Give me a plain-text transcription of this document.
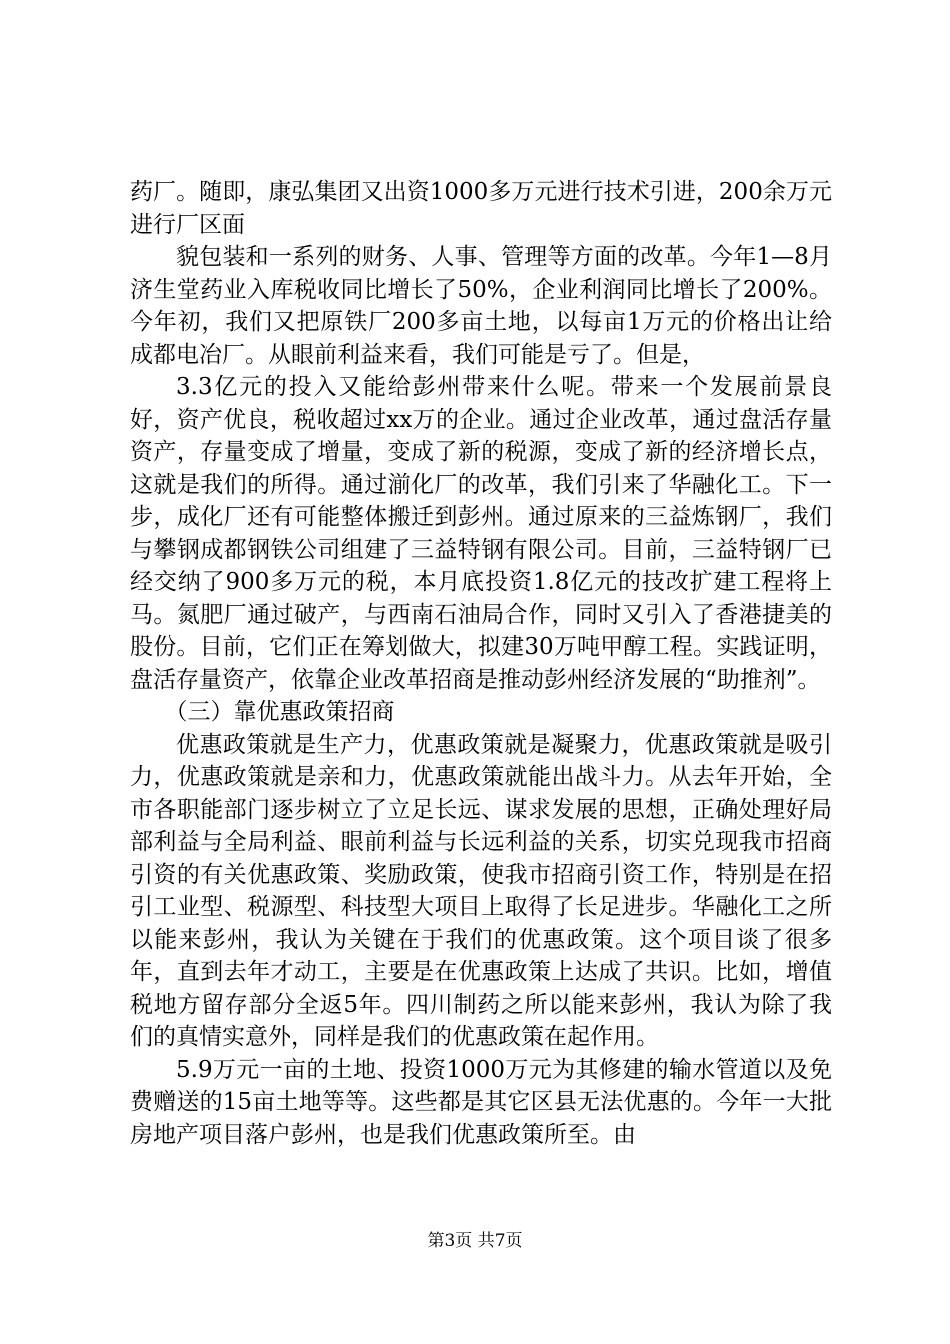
药厂。随即，康弘集团又出资1000多万元进行技术引进，200余万元进行厂区面

貌包装和一系列的财务、人事、管理等方面的改革。今年1—8月济生堂药业入库税收同比增长了50%，企业利润同比增长了200%。今年初，我们又把原铁厂200多亩土地，以每亩1万元的价格出让给成都电冶厂。从眼前利益来看，我们可能是亏了。但是，

3.3亿元的投入又能给彭州带来什么呢。带来一个发展前景良好，资产优良，税收超过xx万的企业。通过企业改革，通过盘活存量资产，存量变成了增量，变成了新的税源，变成了新的经济增长点，这就是我们的所得。通过湔化厂的改革，我们引来了华融化工。下一步，成化厂还有可能整体搬迁到彭州。通过原来的三益炼钢厂，我们与攀钢成都钢铁公司组建了三益特钢有限公司。目前，三益特钢厂已经交纳了900多万元的税，本月底投资1.8亿元的技改扩建工程将上马。氮肥厂通过破产，与西南石油局合作，同时又引入了香港捷美的股份。目前，它们正在筹划做大，拟建30万吨甲醇工程。实践证明，盘活存量资产，依靠企业改革招商是推动彭州经济发展的“助推剂”。

（三）靠优惠政策招商

优惠政策就是生产力，优惠政策就是凝聚力，优惠政策就是吸引力，优惠政策就是亲和力，优惠政策就能出战斗力。从去年开始，全市各职能部门逐步树立了立足长远、谋求发展的思想，正确处理好局部利益与全局利益、眼前利益与长远利益的关系，切实兑现我市招商引资的有关优惠政策、奖励政策，使我市招商引资工作，特别是在招引工业型、税源型、科技型大项目上取得了长足进步。华融化工之所以能来彭州，我认为关键在于我们的优惠政策。这个项目谈了很多年，直到去年才动工，主要是在优惠政策上达成了共识。比如，增值税地方留存部分全返5年。四川制药之所以能来彭州，我认为除了我们的真情实意外，同样是我们的优惠政策在起作用。

5.9万元一亩的土地、投资1000万元为其修建的输水管道以及免费赠送的15亩土地等等。这些都是其它区县无法优惠的。今年一大批房地产项目落户彭州，也是我们优惠政策所至。由

第3页 共7页
